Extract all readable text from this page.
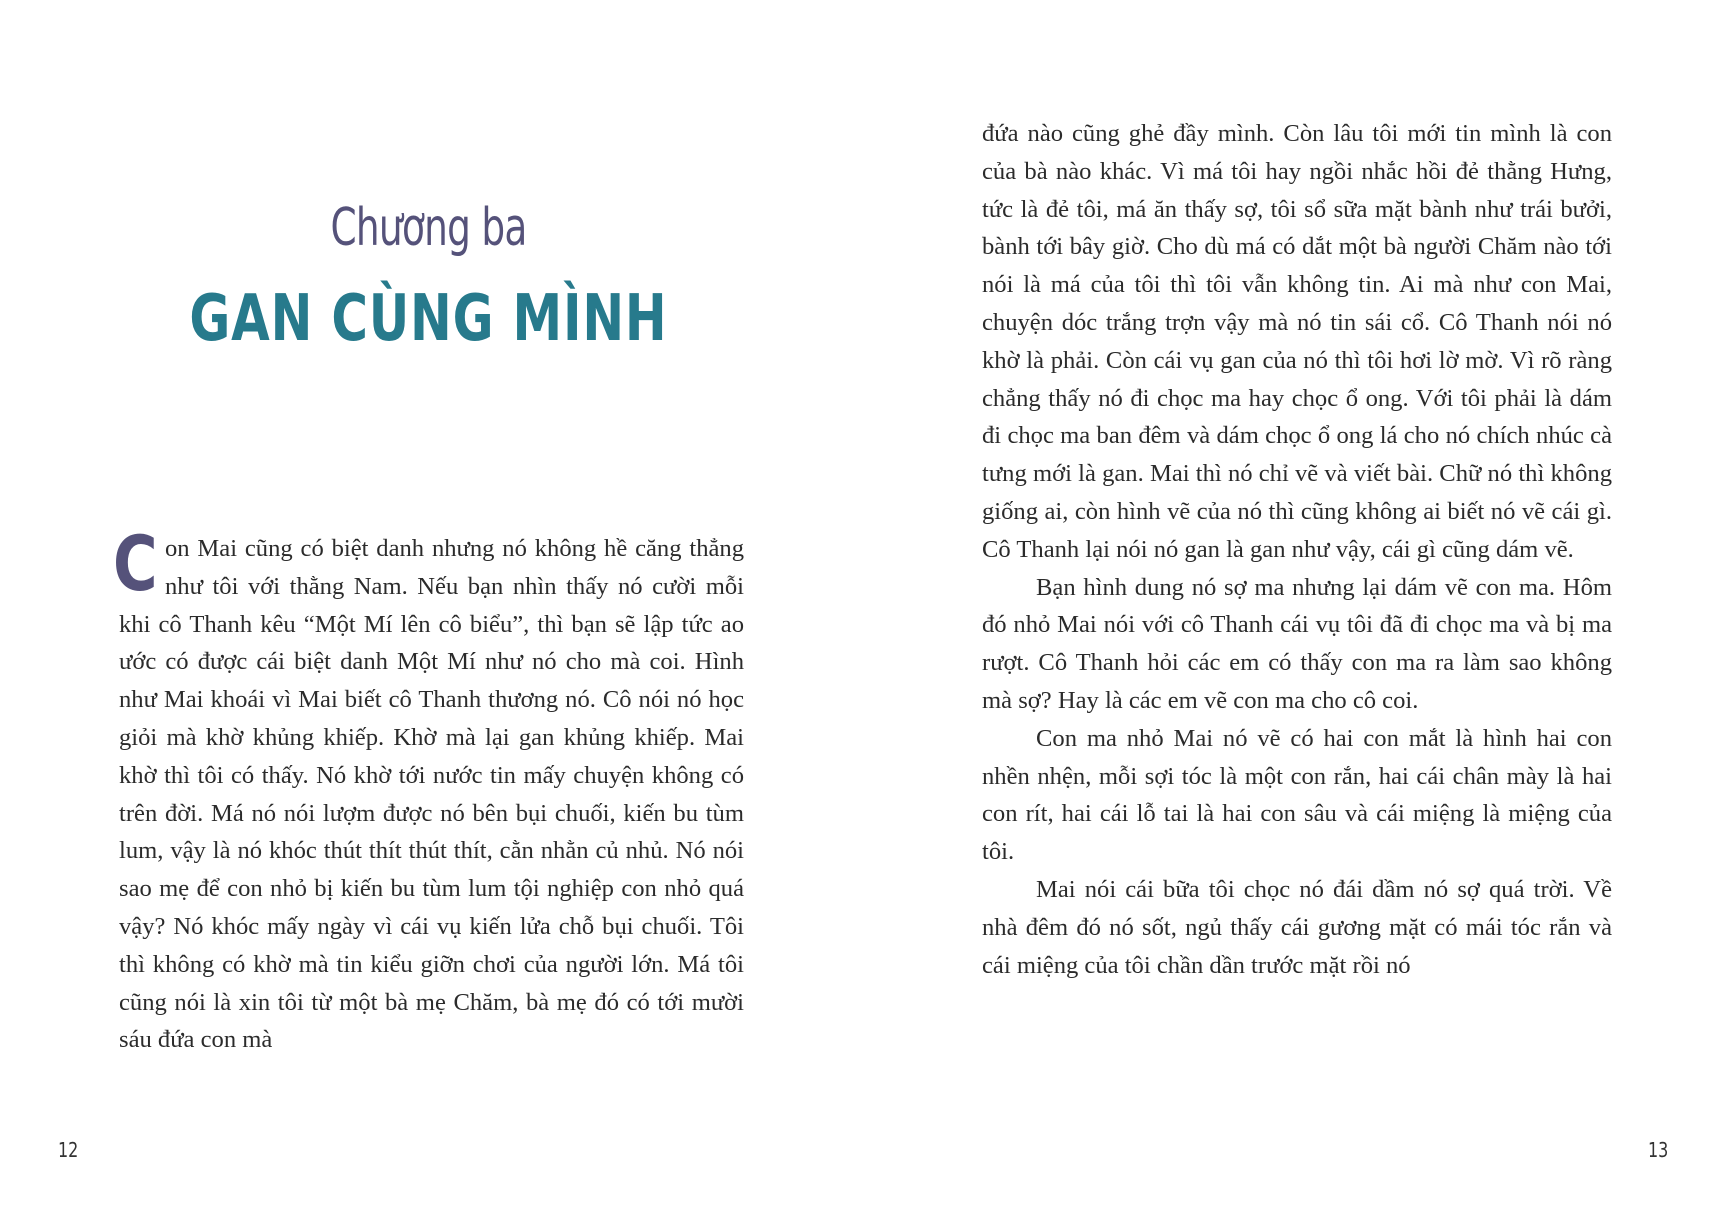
Chương ba
GAN CÙNG MÌNH

Con Mai cũng có biệt danh nhưng nó không hề căng thẳng như tôi với thằng Nam. Nếu bạn nhìn thấy nó cười mỗi khi cô Thanh kêu “Một Mí lên cô biểu”, thì bạn sẽ lập tức ao ước có được cái biệt danh Một Mí như nó cho mà coi. Hình như Mai khoái vì Mai biết cô Thanh thương nó. Cô nói nó học giỏi mà khờ khủng khiếp. Khờ mà lại gan khủng khiếp. Mai khờ thì tôi có thấy. Nó khờ tới nước tin mấy chuyện không có trên đời. Má nó nói lượm được nó bên bụi chuối, kiến bu tùm lum, vậy là nó khóc thút thít thút thít, cằn nhằn củ nhủ. Nó nói sao mẹ để con nhỏ bị kiến bu tùm lum tội nghiệp con nhỏ quá vậy? Nó khóc mấy ngày vì cái vụ kiến lửa chỗ bụi chuối. Tôi thì không có khờ mà tin kiểu giỡn chơi của người lớn. Má tôi cũng nói là xin tôi từ một bà mẹ Chăm, bà mẹ đó có tới mười sáu đứa con mà

12

đứa nào cũng ghẻ đầy mình. Còn lâu tôi mới tin mình là con của bà nào khác. Vì má tôi hay ngồi nhắc hồi đẻ thằng Hưng, tức là đẻ tôi, má ăn thấy sợ, tôi sổ sữa mặt bành như trái bưởi, bành tới bây giờ. Cho dù má có dắt một bà người Chăm nào tới nói là má của tôi thì tôi vẫn không tin. Ai mà như con Mai, chuyện dóc trắng trợn vậy mà nó tin sái cổ. Cô Thanh nói nó khờ là phải. Còn cái vụ gan của nó thì tôi hơi lờ mờ. Vì rõ ràng chẳng thấy nó đi chọc ma hay chọc ổ ong. Với tôi phải là dám đi chọc ma ban đêm và dám chọc ổ ong lá cho nó chích nhúc cà tưng mới là gan. Mai thì nó chỉ vẽ và viết bài. Chữ nó thì không giống ai, còn hình vẽ của nó thì cũng không ai biết nó vẽ cái gì. Cô Thanh lại nói nó gan là gan như vậy, cái gì cũng dám vẽ.

Bạn hình dung nó sợ ma nhưng lại dám vẽ con ma. Hôm đó nhỏ Mai nói với cô Thanh cái vụ tôi đã đi chọc ma và bị ma rượt. Cô Thanh hỏi các em có thấy con ma ra làm sao không mà sợ? Hay là các em vẽ con ma cho cô coi.

Con ma nhỏ Mai nó vẽ có hai con mắt là hình hai con nhền nhện, mỗi sợi tóc là một con rắn, hai cái chân mày là hai con rít, hai cái lỗ tai là hai con sâu và cái miệng là miệng của tôi.

Mai nói cái bữa tôi chọc nó đái dầm nó sợ quá trời. Về nhà đêm đó nó sốt, ngủ thấy cái gương mặt có mái tóc rắn và cái miệng của tôi chần dần trước mặt rồi nó

13
